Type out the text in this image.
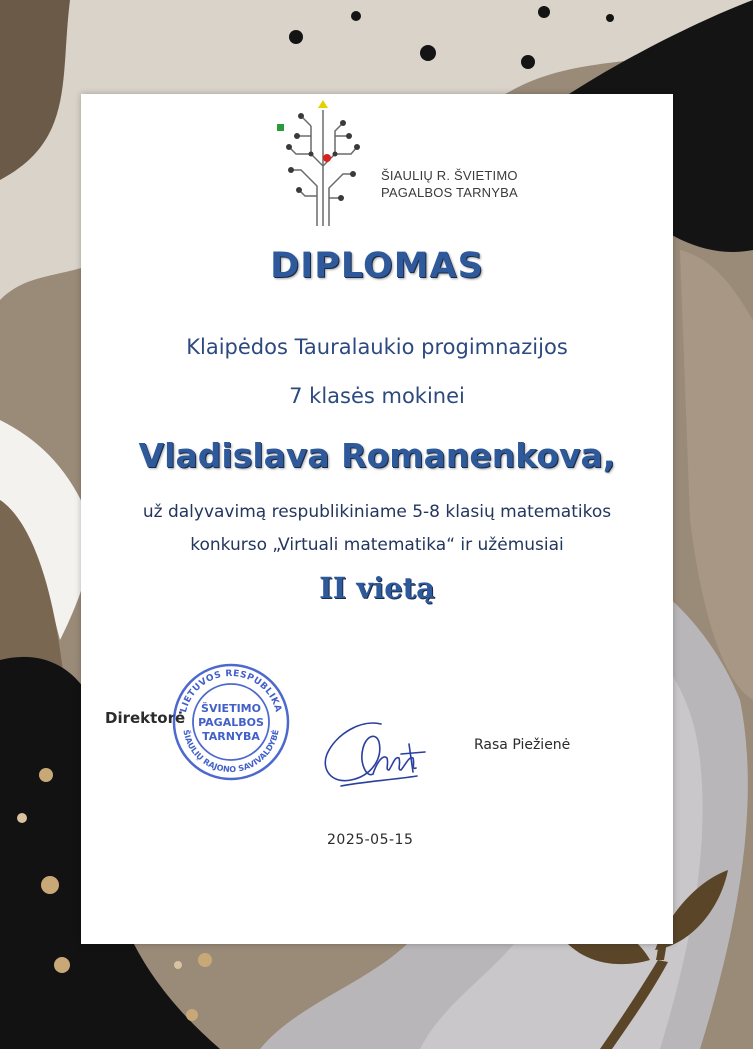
ŠIAULIŲ R. ŠVIETIMO
PAGALBOS TARNYBA
DIPLOMAS
Klaipėdos Tauralaukio progimnazijos
7 klasės mokinei
Vladislava Romanenkova,
už dalyvavimą respublikiniame 5-8 klasių matematikos
konkurso „Virtuali matematika“ ir užėmusiai
II vietą
Direktorė
LIETUVOS RESPUBLIKA
ŠIAULIŲ RAJONO SAVIVALDYBĖ
ŠVIETIMO
PAGALBOS
TARNYBA
Rasa Piežienė
2025-05-15
